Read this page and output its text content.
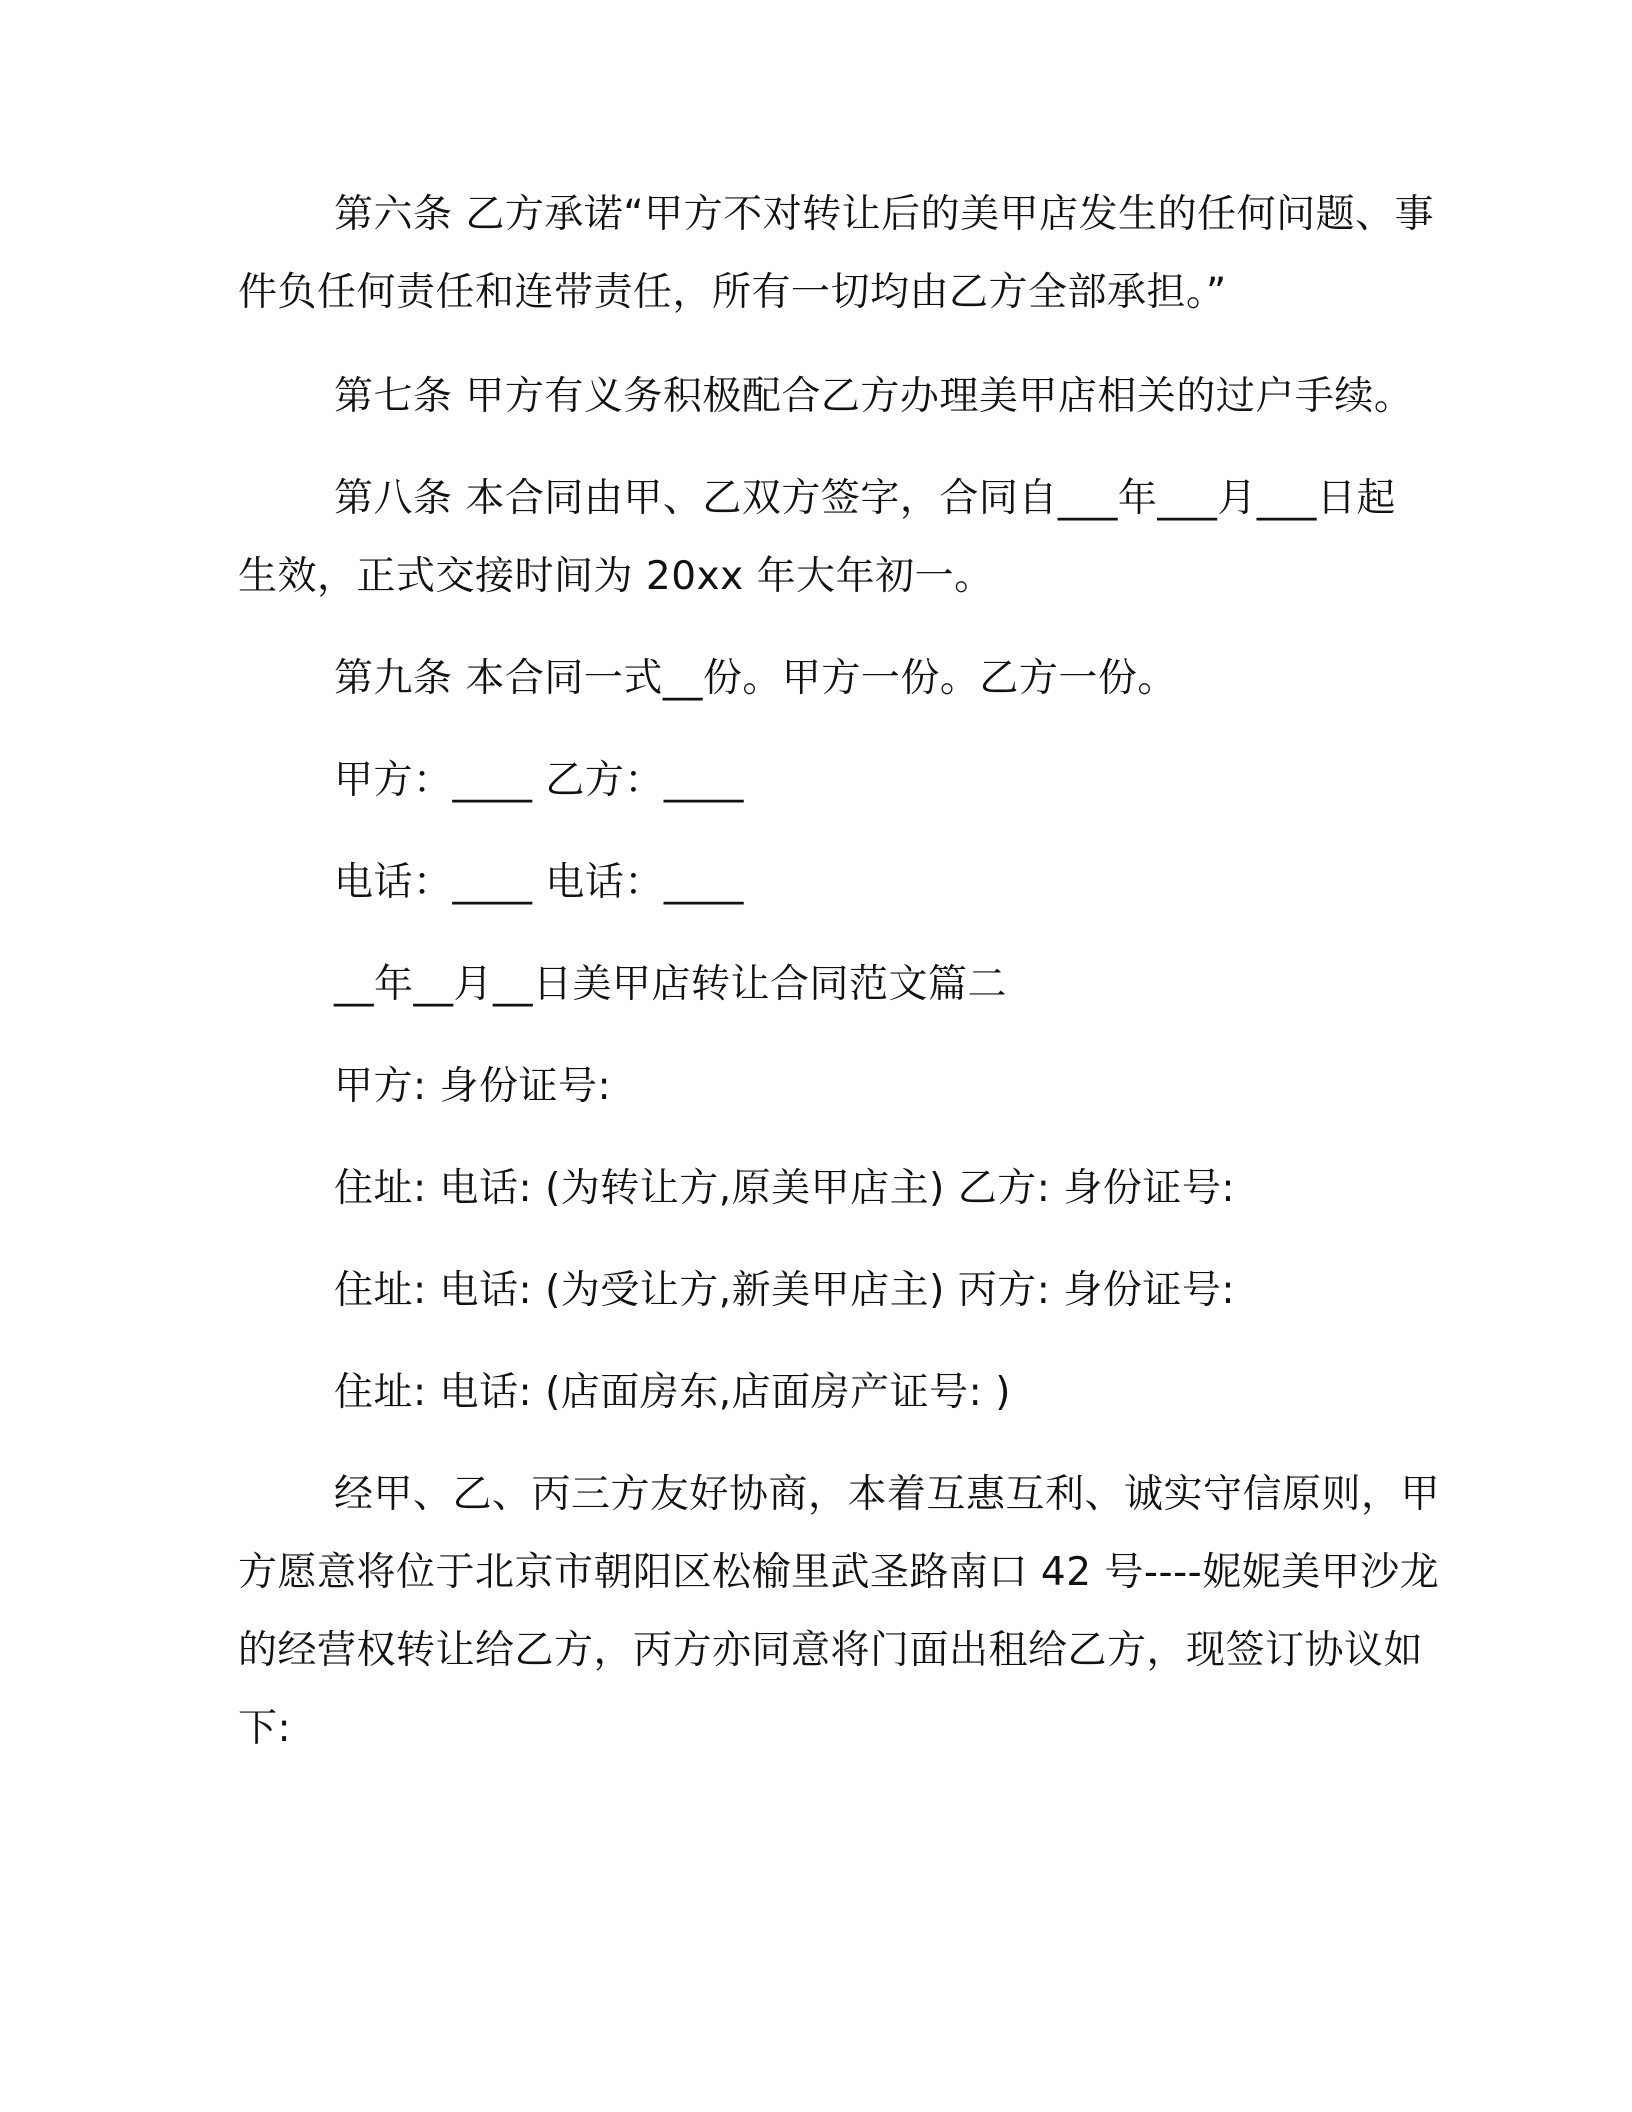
第六条 乙方承诺“甲方不对转让后的美甲店发生的任何问题、事
件负任何责任和连带责任，所有一切均由乙方全部承担。”
第七条 甲方有义务积极配合乙方办理美甲店相关的过户手续。
第八条 本合同由甲、乙双方签字，合同自___年___月___日起
生效，正式交接时间为 20xx 年大年初一。
第九条 本合同一式__份。甲方一份。乙方一份。
甲方：____ 乙方：____
电话：____ 电话：____
__年__月__日美甲店转让合同范文篇二
甲方: 身份证号:
住址: 电话: (为转让方,原美甲店主) 乙方: 身份证号:
住址: 电话: (为受让方,新美甲店主) 丙方: 身份证号:
住址: 电话: (店面房东,店面房产证号: )
经甲、乙、丙三方友好协商，本着互惠互利、诚实守信原则，甲
方愿意将位于北京市朝阳区松榆里武圣路南口 42 号----妮妮美甲沙龙
的经营权转让给乙方，丙方亦同意将门面出租给乙方，现签订协议如
下:
